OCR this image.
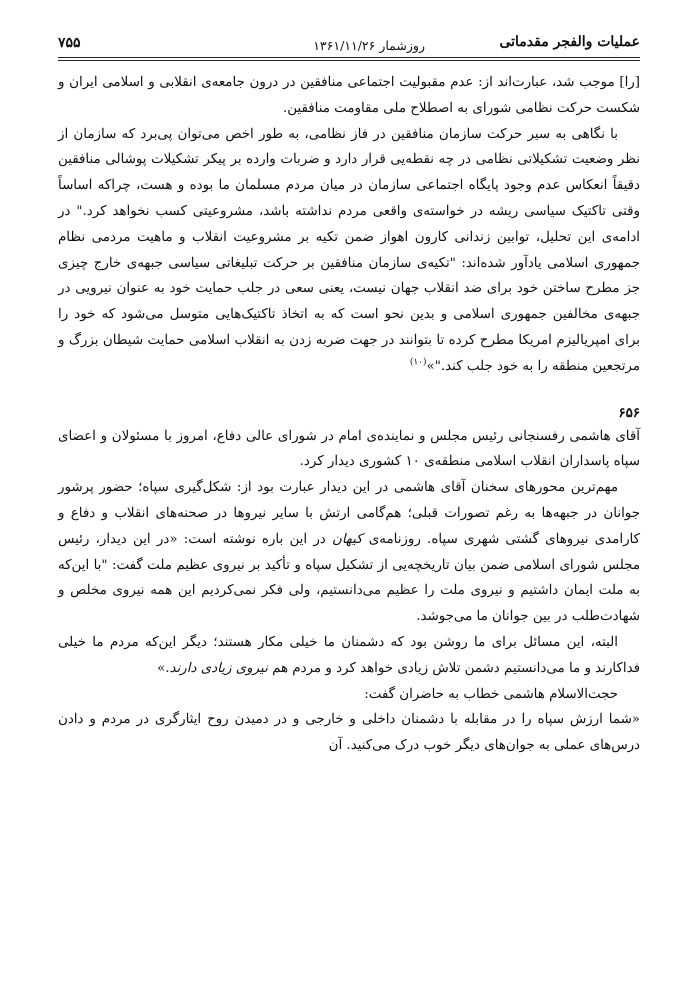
عملیات والفجر مقدماتی
روزشمار ۱۳۶۱/۱۱/۲۶
۷۵۵

[را] موجب شد، عبارت‌اند از: عدم مقبولیت اجتماعی منافقین در درون جامعه‌ی انقلابی و اسلامی ایران و شکست حرکت نظامی شورای به اصطلاح ملی مقاومت منافقین.

با نگاهی به سیر حرکت سازمان منافقین در فاز نظامی، به طور اخص می‌توان پی‌برد که سازمان از نظر وضعیت تشکیلاتی نظامی در چه نقطه‌یی قرار دارد و ضربات وارده بر پیکر تشکیلات پوشالی منافقین دقیقاً انعکاس عدم وجود پایگاه اجتماعی سازمان در میان مردم مسلمان ما بوده و هست، چراکه اساساً وقتی تاکتیک سیاسی ریشه در خواسته‌ی واقعی مردم نداشته باشد، مشروعیتی کسب نخواهد کرد." در ادامه‌ی این تحلیل، توابین زندانی کارون اهواز ضمن تکیه بر مشروعیت انقلاب و ماهیت مردمی نظام جمهوری اسلامی یادآور شده‌اند: "تکیه‌ی سازمان منافقین بر حرکت تبلیغاتی سیاسی جبهه‌ی خارج چیزی جز مطرح ساختن خود برای ضد انقلاب جهان نیست، یعنی سعی در جلب حمایت خود به عنوان نیرویی در جبهه‌ی مخالفین جمهوری اسلامی و بدین نحو است که به اتخاذ تاکتیک‌هایی متوسل می‌شود که خود را برای امپریالیزم امریکا مطرح کرده تا بتوانند در جهت ضربه زدن به انقلاب اسلامی حمایت شیطان بزرگ و مرتجعین منطقه را به خود جلب کند."»$^{(۱۰)}$

۶۵۶

آقای هاشمی رفسنجانی رئیس مجلس و نماینده‌ی امام در شورای عالی دفاع، امروز با مسئولان و اعضای سپاه پاسداران انقلاب اسلامی منطقه‌ی ۱۰ کشوری دیدار کرد.

مهم‌ترین محورهای سخنان آقای هاشمی در این دیدار عبارت بود از: شکل‌گیری سپاه؛ حضور پرشور جوانان در جبهه‌ها به رغم تصورات قبلی؛ هم‌گامی ارتش با سایر نیروها در صحنه‌های انقلاب و دفاع و کارامدی نیروهای گشتی شهری سپاه. روزنامه‌ی کیهان در این باره نوشته است: «در این دیدار، رئیس مجلس شورای اسلامی ضمن بیان تاریخچه‌یی از تشکیل سپاه و تأکید بر نیروی عظیم ملت گفت: "با این‌که به ملت ایمان داشتیم و نیروی ملت را عظیم می‌دانستیم، ولی فکر نمی‌کردیم این همه نیروی مخلص و شهادت‌طلب در بین جوانان ما می‌جوشد.

البته، این مسائل برای ما روشن بود که دشمنان ما خیلی مکار هستند؛ دیگر این‌که مردم ما خیلی فداکارند و ما می‌دانستیم دشمن تلاش زیادی خواهد کرد و مردم هم نیروی زیادی دارند.»

حجت‌الاسلام هاشمی خطاب به حاضران گفت:

«شما ارزش سپاه را در مقابله با دشمنان داخلی و خارجی و در دمیدن روح ایثارگری در مردم و دادن درس‌های عملی به جوان‌های دیگر خوب درک می‌کنید. آن
